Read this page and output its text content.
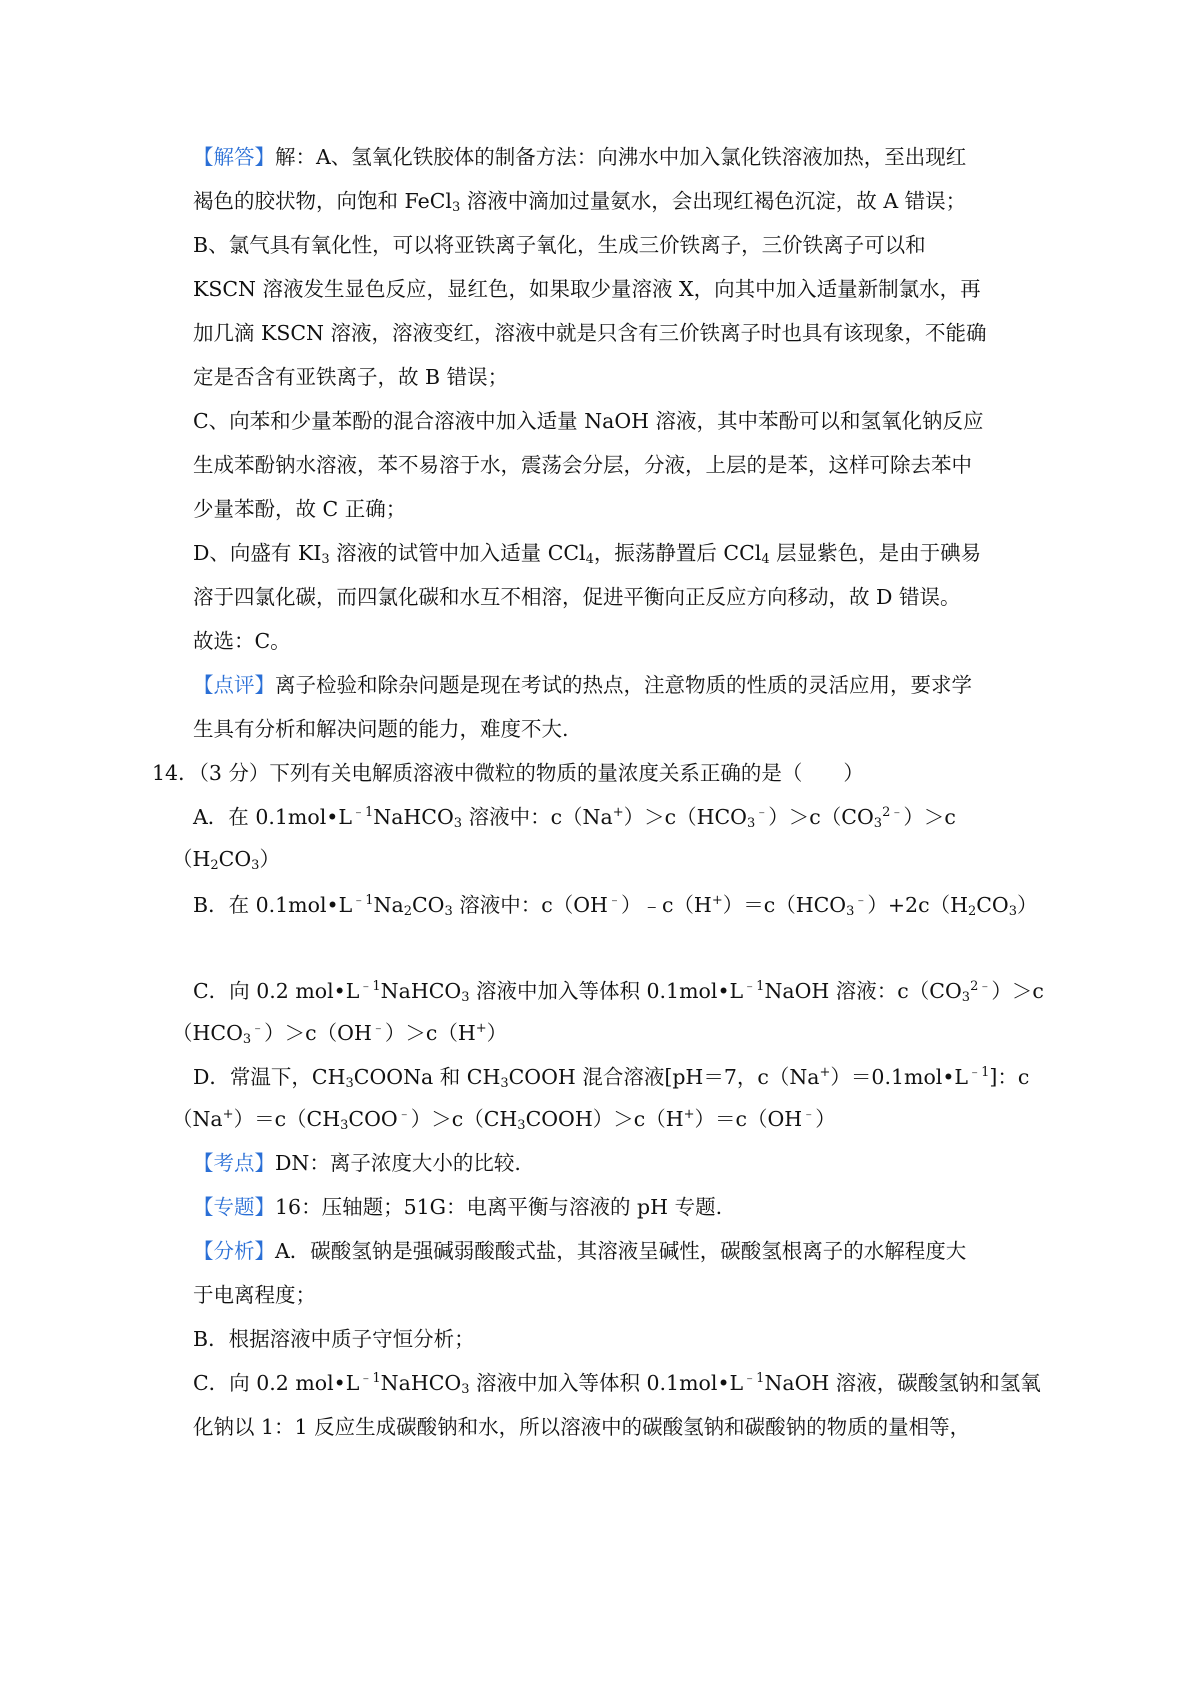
【解答】解：A、氢氧化铁胶体的制备方法：向沸水中加入氯化铁溶液加热，至出现红
褐色的胶状物，向饱和 FeCl$_3$ 溶液中滴加过量氨水，会出现红褐色沉淀，故 A 错误；
B、氯气具有氧化性，可以将亚铁离子氧化，生成三价铁离子，三价铁离子可以和
KSCN 溶液发生显色反应，显红色，如果取少量溶液 X，向其中加入适量新制氯水，再
加几滴 KSCN 溶液，溶液变红，溶液中就是只含有三价铁离子时也具有该现象，不能确
定是否含有亚铁离子，故 B 错误；
C、向苯和少量苯酚的混合溶液中加入适量 NaOH 溶液，其中苯酚可以和氢氧化钠反应
生成苯酚钠水溶液，苯不易溶于水，震荡会分层，分液，上层的是苯，这样可除去苯中
少量苯酚，故 C 正确；
D、向盛有 $KI_3$ 溶液的试管中加入适量 CCl$_4$，振荡静置后 CCl$_4$ 层显紫色，是由于碘易
溶于四氯化碳，而四氯化碳和水互不相溶，促进平衡向正反应方向移动，故 D 错误。
故选：C。
【点评】离子检验和除杂问题是现在考试的热点，注意物质的性质的灵活应用，要求学
生具有分析和解决问题的能力，难度不大.
14．（3 分）下列有关电解质溶液中微粒的物质的量浓度关系正确的是（　　）
A．在 $0.1mol•L^{﹣1}NaHCO_3$ 溶液中：$c(Na^+)>c(HCO_3^﹣)>c(CO_3^{2﹣})>c$
$(H_2CO_3)$
B．在 $0.1mol•L^{﹣1}Na_2CO_3$ 溶液中：$c(OH^﹣)﹣c(H^+)=c(HCO_3^﹣)+2c(H_2CO_3)$
C．向 0.2 $mol•L^{﹣1}NaHCO_3$ 溶液中加入等体积 $0.1mol•L^{﹣1}NaOH$ 溶液：$c(CO_3^{2﹣})>c$
$(HCO_3^﹣)>c(OH^﹣)>c(H^+)$
D．常温下，$CH_3COONa$ 和 $CH_3COOH$ 混合溶液[pH＝7，$c(Na^+)=0.1mol•L^{﹣1}$]：c
$(Na^+)=c(CH_3COO^﹣)>c(CH_3COOH)>c(H^+)=c(OH^﹣)$
【考点】DN：离子浓度大小的比较.
【专题】16：压轴题；51G：电离平衡与溶液的 pH 专题.
【分析】A．碳酸氢钠是强碱弱酸酸式盐，其溶液呈碱性，碳酸氢根离子的水解程度大
于电离程度；
B．根据溶液中质子守恒分析；
C．向 0.2 $mol•L^{﹣1}NaHCO_3$ 溶液中加入等体积 $0.1mol•L^{﹣1}NaOH$ 溶液，碳酸氢钠和氢氧
化钠以 1：1 反应生成碳酸钠和水，所以溶液中的碳酸氢钠和碳酸钠的物质的量相等，
